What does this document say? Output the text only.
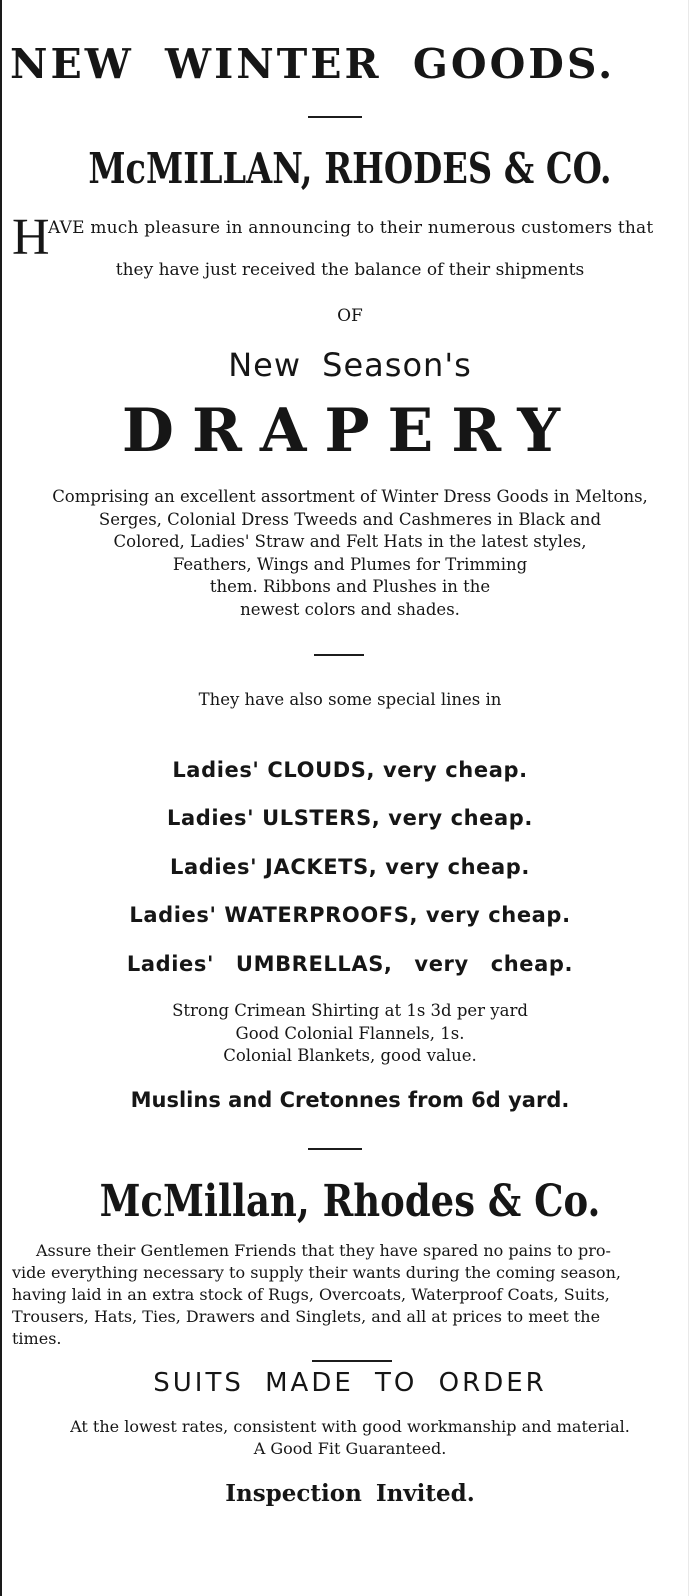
NEW WINTER GOODS.
McMILLAN, RHODES & CO.
H
AVE much pleasure in announcing to their numerous customers that
they have just received the balance of their shipments
OF
New Season's
DRAPERY
Comprising an excellent assortment of Winter Dress Goods in Meltons,
Serges, Colonial Dress Tweeds and Cashmeres in Black and
Colored, Ladies' Straw and Felt Hats in the latest styles,
Feathers, Wings and Plumes for Trimming
them. Ribbons and Plushes in the
newest colors and shades.
They have also some special lines in
Ladies' CLOUDS, very cheap.
Ladies' ULSTERS, very cheap.
Ladies' JACKETS, very cheap.
Ladies' WATERPROOFS, very cheap.
Ladies' UMBRELLAS, very cheap.
Strong Crimean Shirting at 1s 3d per yard
Good Colonial Flannels, 1s.
Colonial Blankets, good value.
Muslins and Cretonnes from 6d yard.
McMillan, Rhodes & Co.
Assure their Gentlemen Friends that they have spared no pains to pro-
vide everything necessary to supply their wants during the coming season,
having laid in an extra stock of Rugs, Overcoats, Waterproof Coats, Suits,
Trousers, Hats, Ties, Drawers and Singlets, and all at prices to meet the
times.
SUITS MADE TO ORDER
At the lowest rates, consistent with good workmanship and material.
A Good Fit Guaranteed.
Inspection Invited.
